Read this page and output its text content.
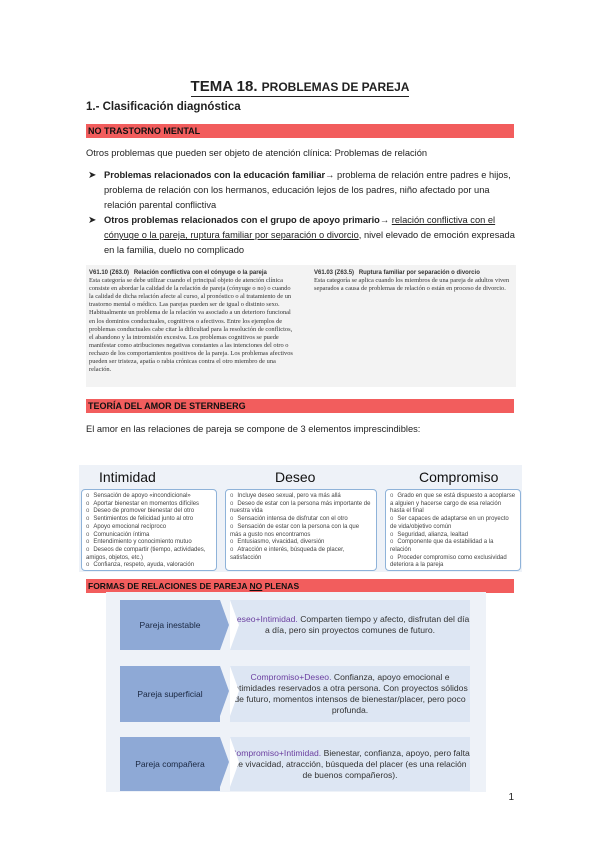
TEMA 18. PROBLEMAS DE PAREJA
1.- Clasificación diagnóstica
NO TRASTORNO MENTAL
Otros problemas que pueden ser objeto de atención clínica: Problemas de relación
➤ Problemas relacionados con la educación familiar→ problema de relación entre padres e hijos, problema de relación con los hermanos, educación lejos de los padres, niño afectado por una relación parental conflictiva
➤ Otros problemas relacionados con el grupo de apoyo primario→ relación conflictiva con el cónyuge o la pareja, ruptura familiar por separación o divorcio, nivel elevado de emoción expresada en la familia, duelo no complicado
V61.10 (Z63.0) Relación conflictiva con el cónyuge o la pareja
Esta categoría se debe utilizar cuando el principal objeto de atención clínica consiste en abordar la calidad de la relación de pareja (cónyuge o no) o cuando la calidad de dicha relación afecte al curso, al pronóstico o al tratamiento de un trastorno mental o médico. Las parejas pueden ser de igual o distinto sexo. Habitualmente un problema de la relación va asociado a un deterioro funcional en los dominios conductuales, cognitivos o afectivos. Entre los ejemplos de problemas conductuales cabe citar la dificultad para la resolución de conflictos, el abandono y la intromisión excesiva. Los problemas cognitivos se puede manifestar como atribuciones negativas constantes a las intenciones del otro o rechazo de los comportamientos positivos de la pareja. Los problemas afectivos pueden ser tristeza, apatía o rabia crónicas contra el otro miembro de una relación.
V61.03 (Z63.5) Ruptura familiar por separación o divorcio
Esta categoría se aplica cuando los miembros de una pareja de adultos viven separados a causa de problemas de relación o están en proceso de divorcio.
TEORÍA DEL AMOR DE STERNBERG
El amor en las relaciones de pareja se compone de 3 elementos imprescindibles:
Intimidad	Deseo	Compromiso
o Sensación de apoyo «incondicional»
o Aportar bienestar en momentos difíciles
o Deseo de promover bienestar del otro
o Sentimientos de felicidad junto al otro
o Apoyo emocional recíproco
o Comunicación íntima
o Entendimiento y conocimiento mutuo
o Deseos de compartir (tiempo, actividades, amigos, objetos, etc.)
o Confianza, respeto, ayuda, valoración
o Incluye deseo sexual, pero va más allá
o Deseo de estar con la persona más importante de nuestra vida
o Sensación intensa de disfrutar con el otro
o Sensación de estar con la persona con la que más a gusto nos encontramos
o Entusiasmo, vivacidad, diversión
o Atracción e interés, búsqueda de placer, satisfacción
o Grado en que se está dispuesto a acoplarse a alguien y hacerse cargo de esa relación hasta el final
o Ser capaces de adaptarse en un proyecto de vida/objetivo común
o Seguridad, alianza, lealtad
o Componente que da estabilidad a la relación
o Proceder compromiso como exclusividad deteriora a la pareja
FORMAS DE RELACIONES DE PAREJA NO PLENAS
Pareja inestable
Deseo+Intimidad. Comparten tiempo y afecto, disfrutan del día a día, pero sin proyectos comunes de futuro.
Pareja superficial
Compromiso+Deseo. Confianza, apoyo emocional e intimidades reservados a otra persona. Con proyectos sólidos de futuro, momentos intensos de bienestar/placer, pero poco profunda.
Pareja compañera
Compromiso+Intimidad. Bienestar, confianza, apoyo, pero falta de vivacidad, atracción, búsqueda del placer (es una relación de buenos compañeros).
1
